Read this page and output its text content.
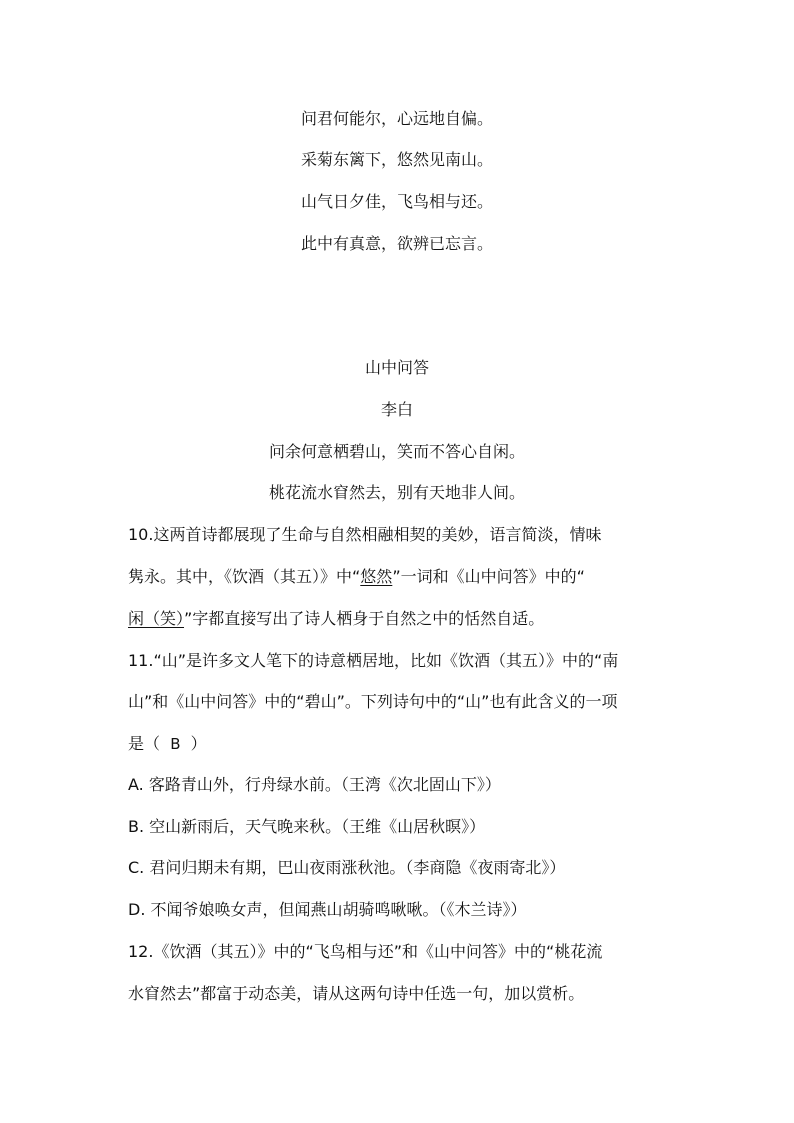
问君何能尔，心远地自偏。
采菊东篱下，悠然见南山。
山气日夕佳，飞鸟相与还。
此中有真意，欲辨已忘言。
山中问答
李白
问余何意栖碧山，笑而不答心自闲。
桃花流水窅然去，别有天地非人间。
10.这两首诗都展现了生命与自然相融相契的美妙，语言简淡，情味
隽永。其中，《饮酒（其五）》中“悠然”一词和《山中问答》中的“
闲（笑）”字都直接写出了诗人栖身于自然之中的恬然自适。
11.“山”是许多文人笔下的诗意栖居地，比如《饮酒（其五）》中的“南
山”和《山中问答》中的“碧山”。下列诗句中的“山”也有此含义的一项
是（ B ）
A. 客路青山外，行舟绿水前。（王湾《次北固山下》）
B. 空山新雨后，天气晚来秋。（王维《山居秋暝》）
C. 君问归期未有期，巴山夜雨涨秋池。（李商隐《夜雨寄北》）
D. 不闻爷娘唤女声，但闻燕山胡骑鸣啾啾。（《木兰诗》）
12.《饮酒（其五）》中的“飞鸟相与还”和《山中问答》中的“桃花流
水窅然去”都富于动态美，请从这两句诗中任选一句，加以赏析。
